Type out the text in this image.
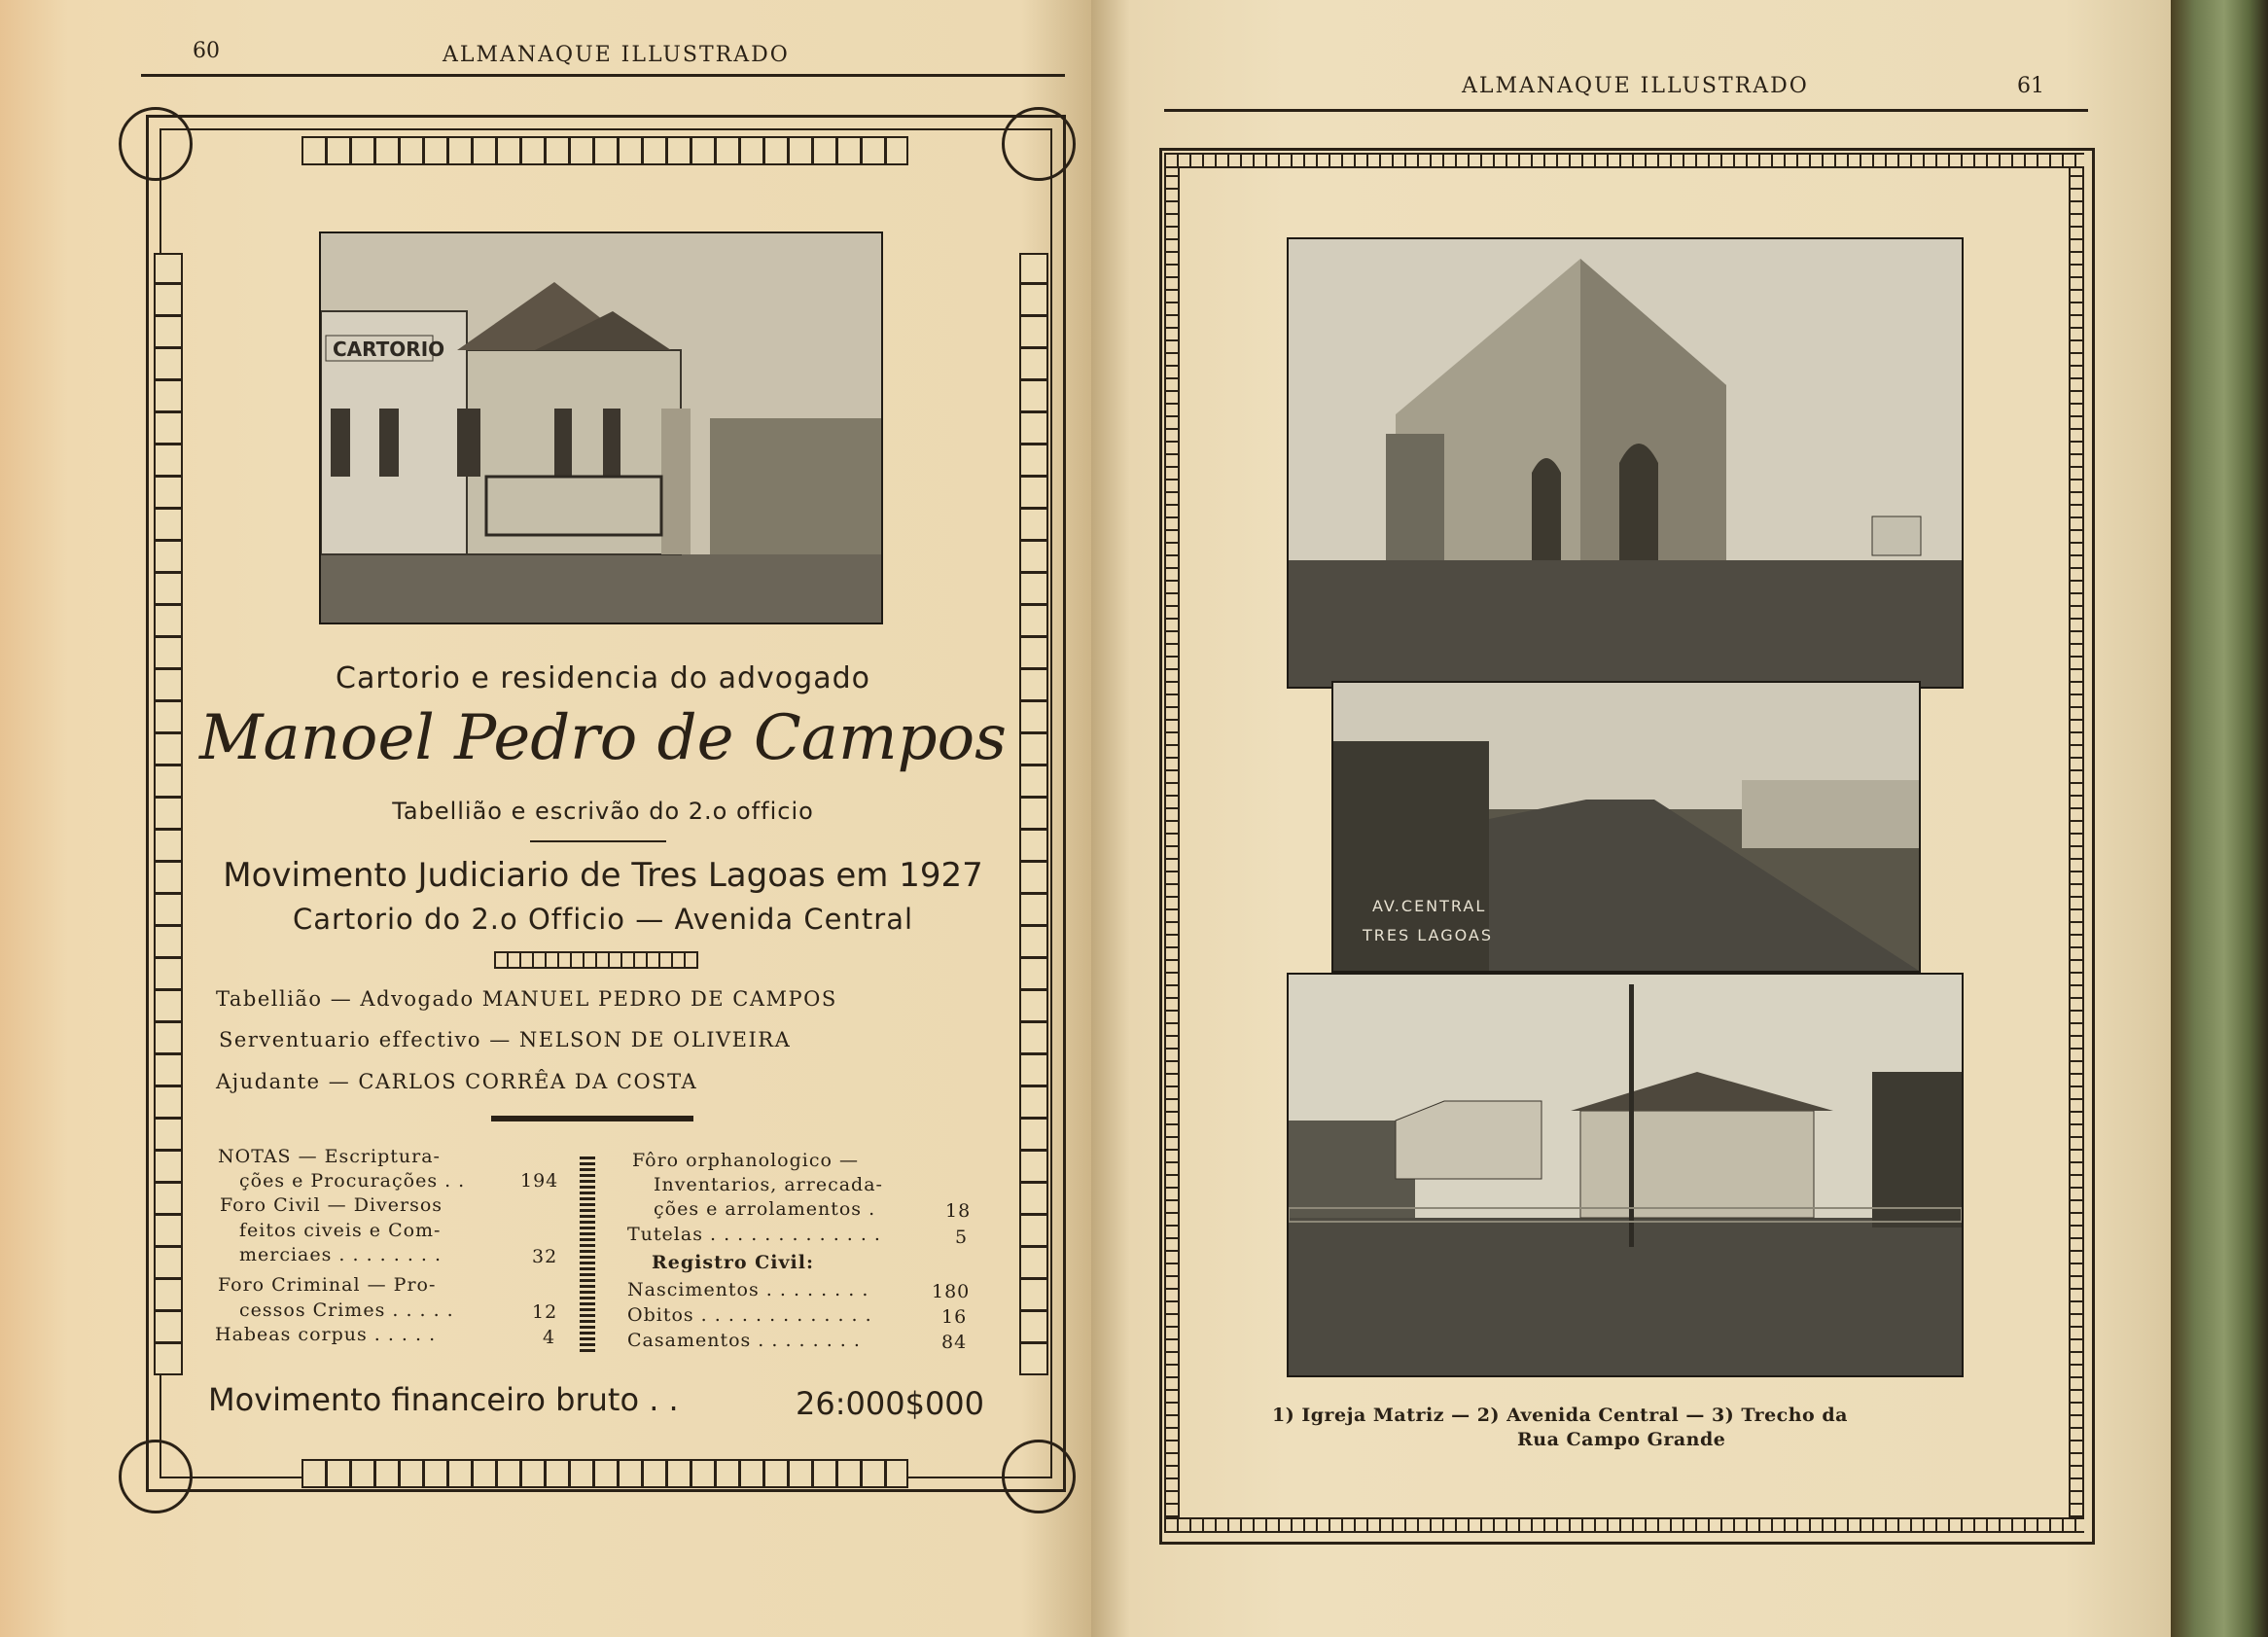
60	ALMANAQUE ILLUSTRADO
CARTORIO
Cartorio e residencia do advogado
Manoel Pedro de Campos
Tabellião e escrivão do 2.o officio
Movimento Judiciario de Tres Lagoas em 1927
Cartorio do 2.o Officio — Avenida Central
Tabellião — Advogado MANUEL PEDRO DE CAMPOS
Serventuario effectivo — NELSON DE OLIVEIRA
Ajudante — CARLOS CORRÊA DA COSTA
NOTAS — Escriptura-
ções e Procurações . .	194
Foro Civil — Diversos
feitos civeis e Com-
merciaes . . . . . . . .	32
Foro Criminal — Pro-
cessos Crimes . . . . .	12
Habeas corpus . . . . .	4
Fôro orphanologico —
Inventarios, arrecada-
ções e arrolamentos .	18
Tutelas . . . . . . . . . . . . .	5
Registro Civil:
Nascimentos . . . . . . . .	180
Obitos . . . . . . . . . . . . .	16
Casamentos . . . . . . . .	84
Movimento financeiro bruto . .	26:000$000
ALMANAQUE ILLUSTRADO	61
AV.CENTRAL
TRES LAGOAS
1) Igreja Matriz — 2) Avenida Central — 3) Trecho da
Rua Campo Grande
